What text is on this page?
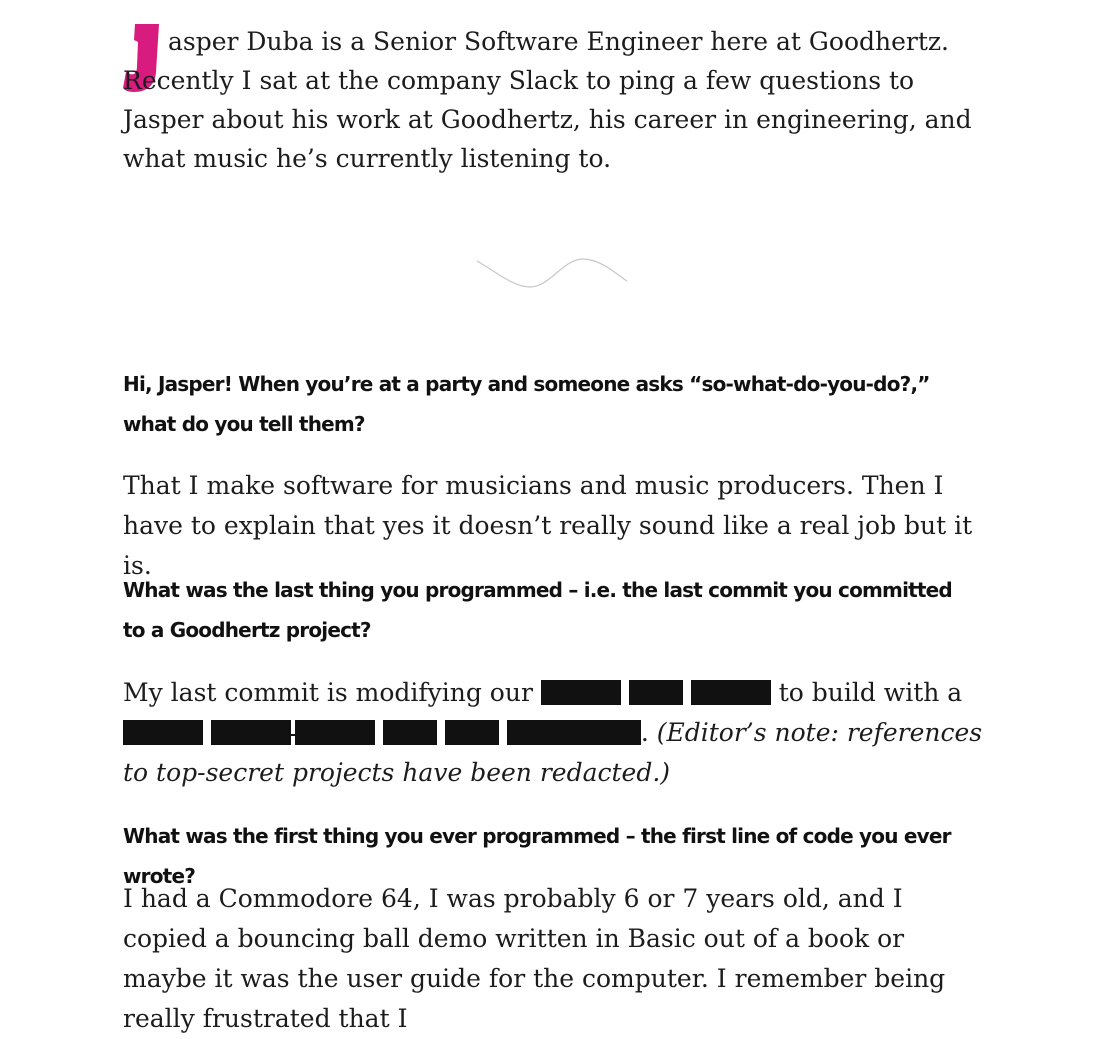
asper Duba is a Senior Software Engineer here at Goodhertz. Recently I sat at the company Slack to ping a few questions to Jasper about his work at Goodhertz, his career in engineering, and what music he’s currently listening to.

Hi, Jasper! When you’re at a party and someone asks “so-what-do-you-do?,” what do you tell them?

That I make software for musicians and music producers. Then I have to explain that yes it doesn’t really sound like a real job but it is.

What was the last thing you programmed – i.e. the last commit you committed to a Goodhertz project?

My last commit is modifying our	to build with a
. (Editor’s note: references to top-secret projects have been redacted.)

What was the first thing you ever programmed – the first line of code you ever wrote?

I had a Commodore 64, I was probably 6 or 7 years old, and I copied a bouncing ball demo written in Basic out of a book or maybe it was the user guide for the computer. I remember being really frustrated that I
